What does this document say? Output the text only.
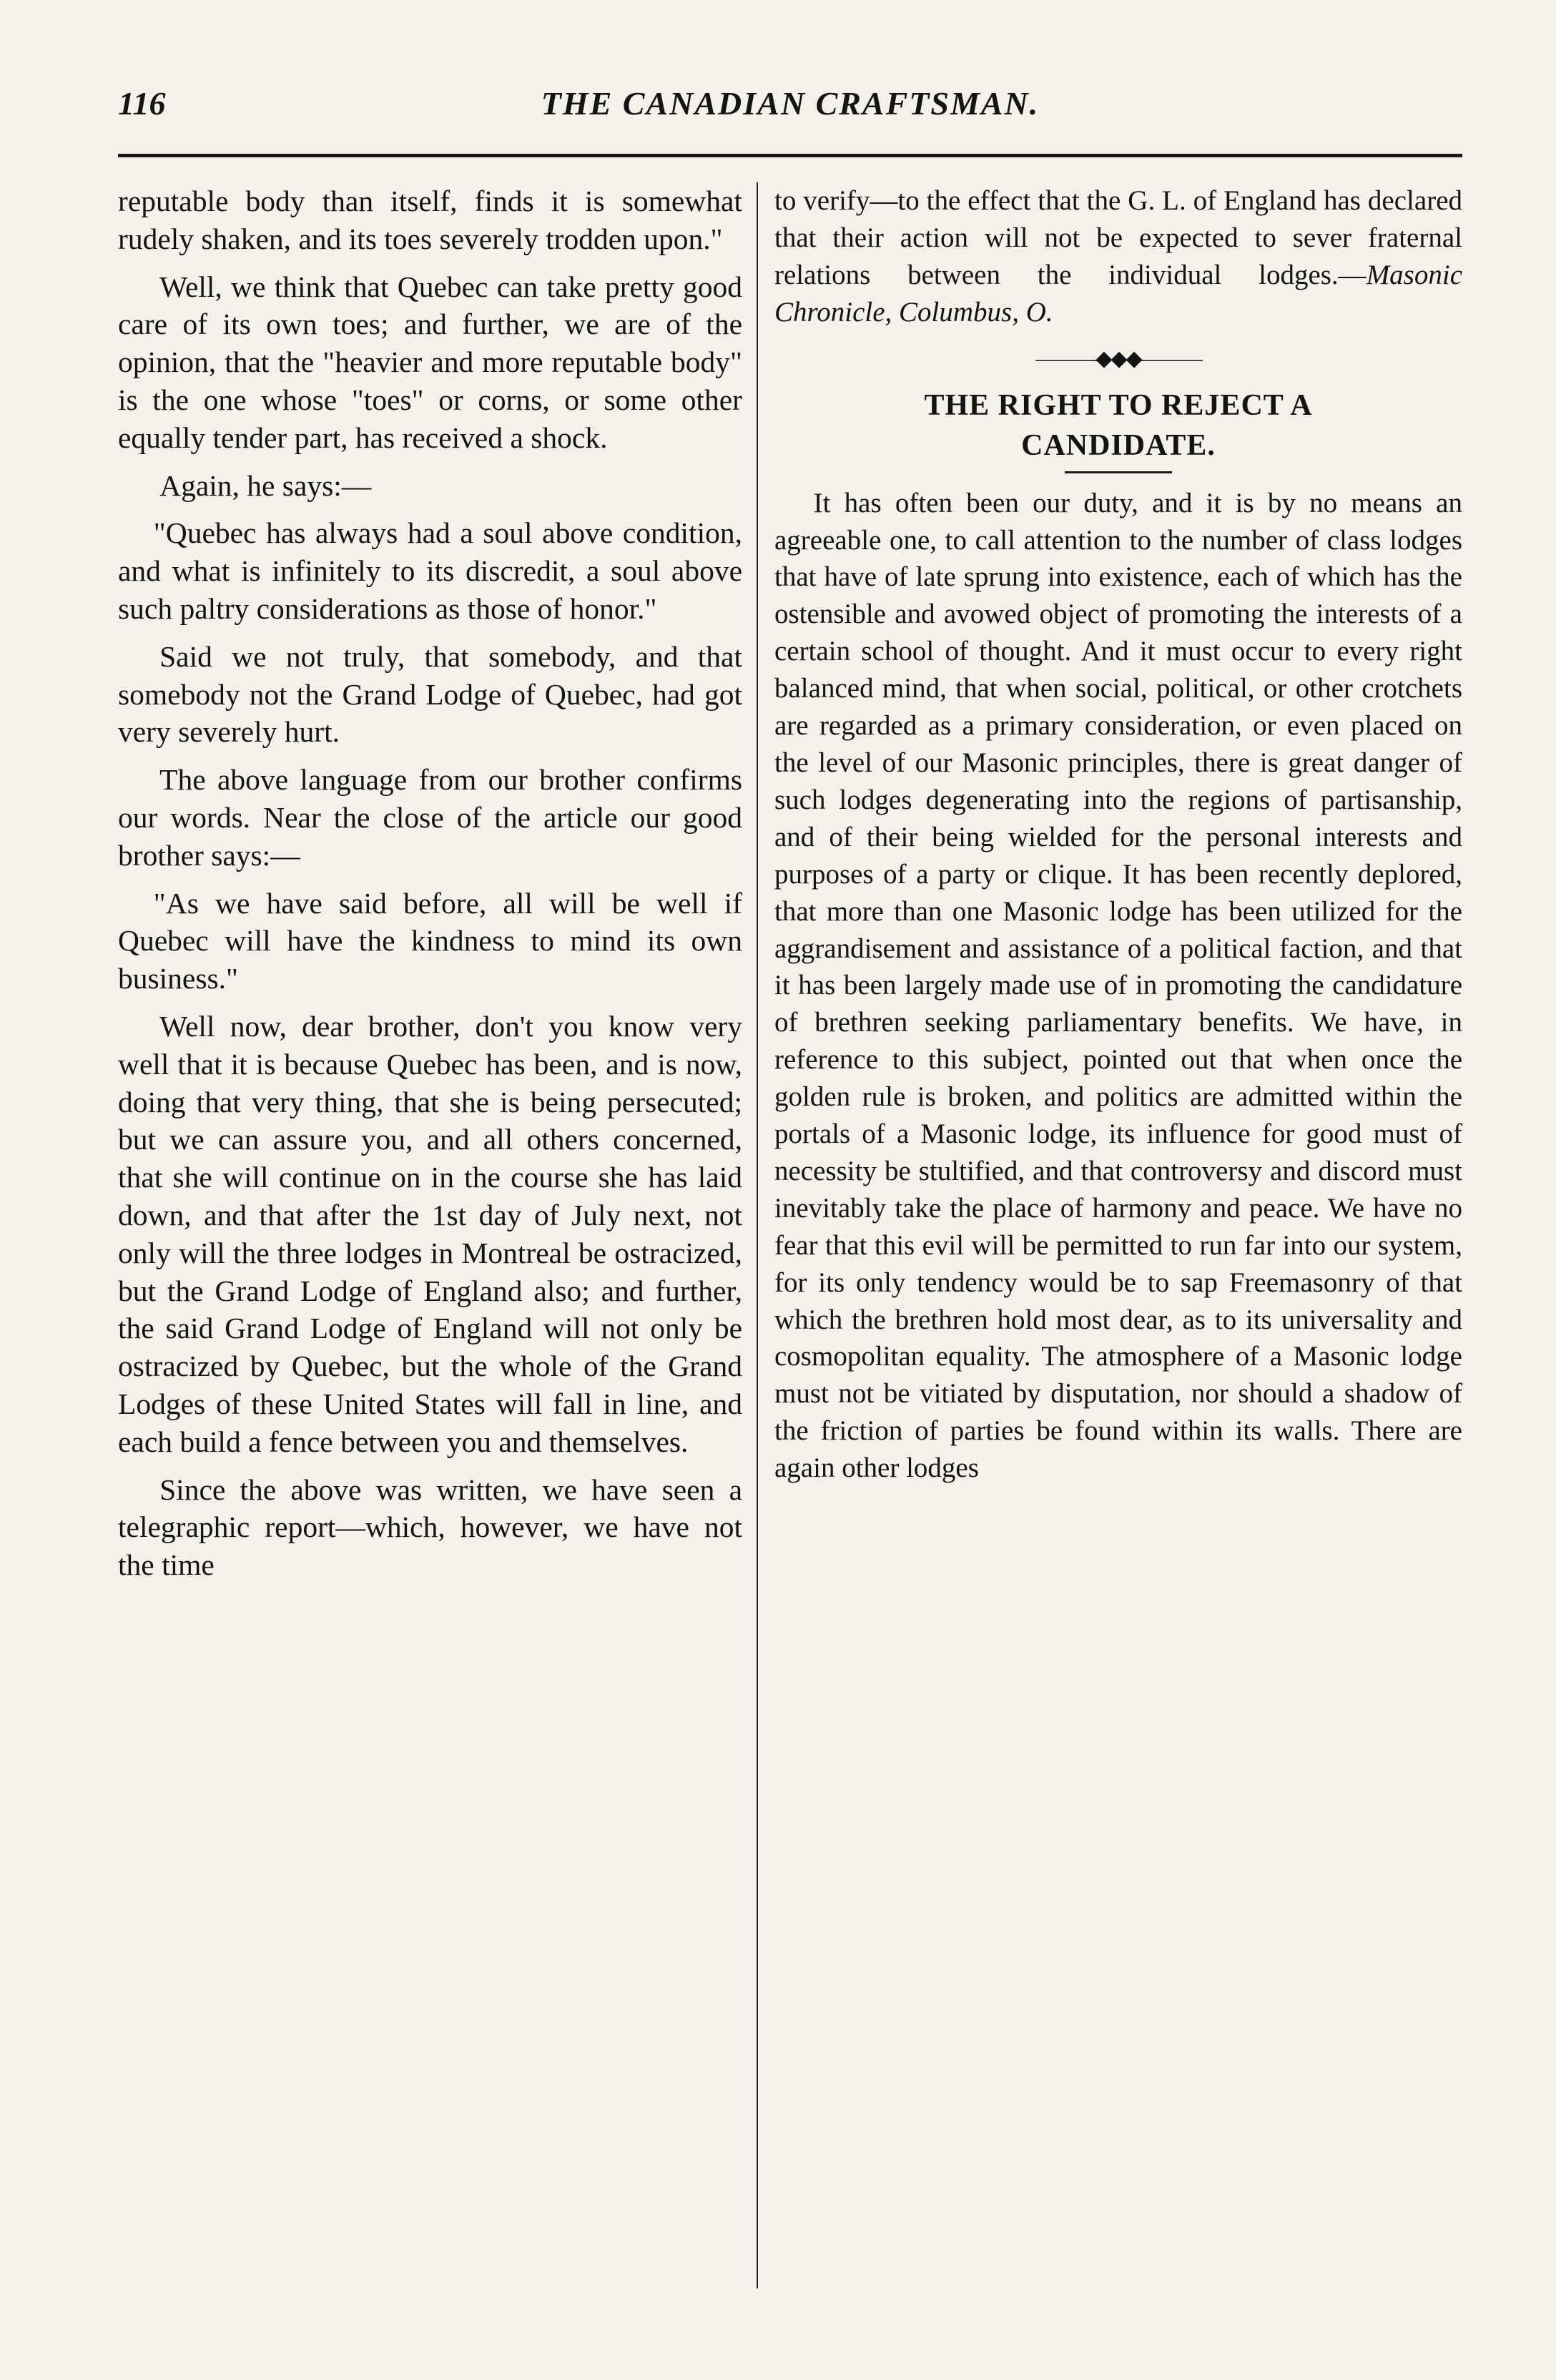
116	THE CANADIAN CRAFTSMAN.

reputable body than itself, finds it is somewhat rudely shaken, and its toes severely trodden upon."

Well, we think that Quebec can take pretty good care of its own toes; and further, we are of the opinion, that the "heavier and more reputable body" is the one whose "toes" or corns, or some other equally tender part, has received a shock.

Again, he says:—

"Quebec has always had a soul above condition, and what is infinitely to its discredit, a soul above such paltry considerations as those of honor."

Said we not truly, that somebody, and that somebody not the Grand Lodge of Quebec, had got very severely hurt.

The above language from our brother confirms our words. Near the close of the article our good brother says:—

"As we have said before, all will be well if Quebec will have the kindness to mind its own business."

Well now, dear brother, don't you know very well that it is because Quebec has been, and is now, doing that very thing, that she is being persecuted; but we can assure you, and all others concerned, that she will continue on in the course she has laid down, and that after the 1st day of July next, not only will the three lodges in Montreal be ostracized, but the Grand Lodge of England also; and further, the said Grand Lodge of England will not only be ostracized by Quebec, but the whole of the Grand Lodges of these United States will fall in line, and each build a fence between you and themselves.

Since the above was written, we have seen a telegraphic report—which, however, we have not the time

to verify—to the effect that the G. L. of England has declared that their action will not be expected to sever fraternal relations between the individual lodges.—Masonic Chronicle, Columbus, O.

———◆◆◆———
THE RIGHT TO REJECT A
CANDIDATE.

It has often been our duty, and it is by no means an agreeable one, to call attention to the number of class lodges that have of late sprung into existence, each of which has the ostensible and avowed object of promoting the interests of a certain school of thought. And it must occur to every right balanced mind, that when social, political, or other crotchets are regarded as a primary consideration, or even placed on the level of our Masonic principles, there is great danger of such lodges degenerating into the regions of partisanship, and of their being wielded for the personal interests and purposes of a party or clique. It has been recently deplored, that more than one Masonic lodge has been utilized for the aggrandisement and assistance of a political faction, and that it has been largely made use of in promoting the candidature of brethren seeking parliamentary benefits. We have, in reference to this subject, pointed out that when once the golden rule is broken, and politics are admitted within the portals of a Masonic lodge, its influence for good must of necessity be stultified, and that controversy and discord must inevitably take the place of harmony and peace. We have no fear that this evil will be permitted to run far into our system, for its only tendency would be to sap Freemasonry of that which the brethren hold most dear, as to its universality and cosmopolitan equality. The atmosphere of a Masonic lodge must not be vitiated by disputation, nor should a shadow of the friction of parties be found within its walls. There are again other lodges
